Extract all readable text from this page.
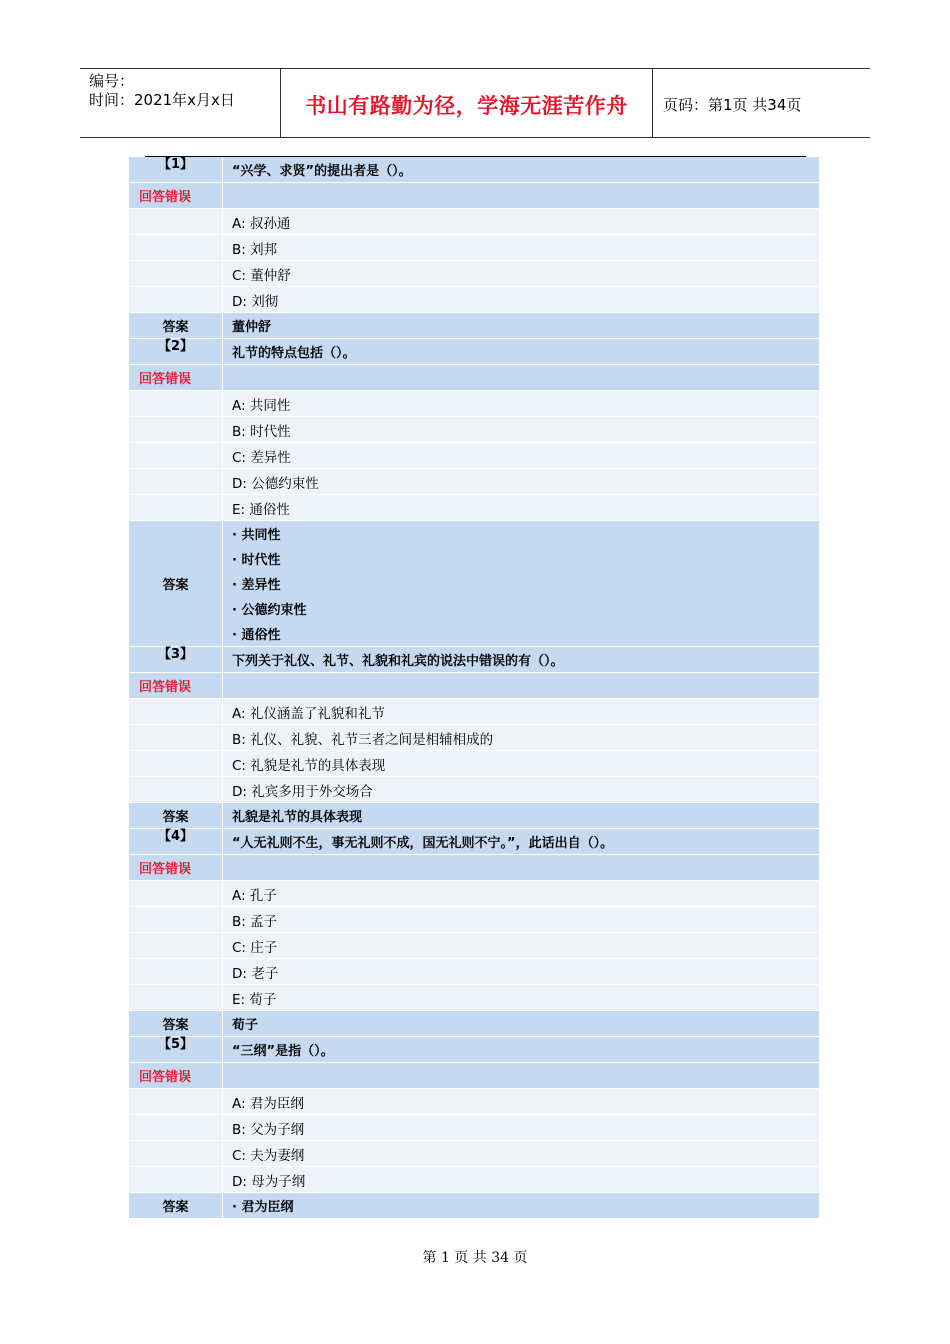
编号：
时间：2021年x月x日	书山有路勤为径，学海无涯苦作舟	页码：第1页 共34页
【1】	“兴学、求贤”的提出者是（）。
回答错误
A: 叔孙通
B: 刘邦
C: 董仲舒
D: 刘彻
答案	董仲舒
【2】	礼节的特点包括（）。
回答错误
A: 共同性
B: 时代性
C: 差异性
D: 公德约束性
E: 通俗性
答案
· 共同性
· 时代性
· 差异性
· 公德约束性
· 通俗性
【3】	下列关于礼仪、礼节、礼貌和礼宾的说法中错误的有（）。
回答错误
A: 礼仪涵盖了礼貌和礼节
B: 礼仪、礼貌、礼节三者之间是相辅相成的
C: 礼貌是礼节的具体表现
D: 礼宾多用于外交场合
答案	礼貌是礼节的具体表现
【4】	“人无礼则不生，事无礼则不成，国无礼则不宁。”，此话出自（）。
回答错误
A: 孔子
B: 孟子
C: 庄子
D: 老子
E: 荀子
答案	荀子
【5】	“三纲”是指（）。
回答错误
A: 君为臣纲
B: 父为子纲
C: 夫为妻纲
D: 母为子纲
答案	· 君为臣纲
第 1 页 共 34 页
